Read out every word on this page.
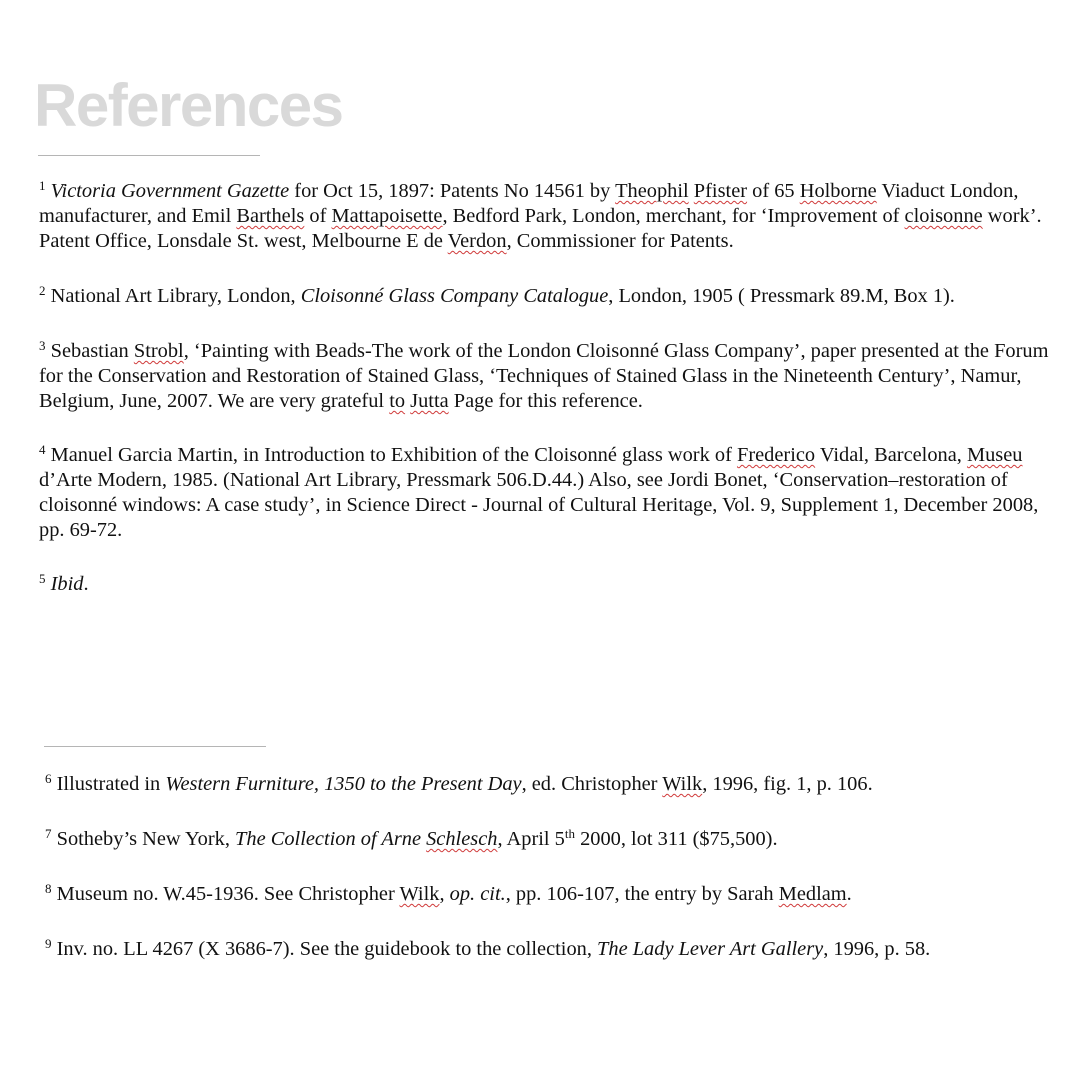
References

$^1$ Victoria Government Gazette for Oct 15, 1897: Patents No 14561 by Theophil Pfister of 65 Holborne Viaduct London, manufacturer, and Emil Barthels of Mattapoisette, Bedford Park, London, merchant, for ‘Improvement of cloisonne work’. Patent Office, Lonsdale St. west, Melbourne E de Verdon, Commissioner for Patents.

$^2$ National Art Library, London, Cloisonné Glass Company Catalogue, London, 1905 ( Pressmark 89.M, Box 1).

$^3$ Sebastian Strobl, ‘Painting with Beads-The work of the London Cloisonné Glass Company’, paper presented at the Forum for the Conservation and Restoration of Stained Glass, ‘Techniques of Stained Glass in the Nineteenth Century’, Namur, Belgium, June, 2007. We are very grateful to Jutta Page for this reference.

$^4$ Manuel Garcia Martin, in Introduction to Exhibition of the Cloisonné glass work of Frederico Vidal, Barcelona, Museu d’Arte Modern, 1985. (National Art Library, Pressmark 506.D.44.) Also, see Jordi Bonet, ‘Conservation–restoration of cloisonné windows: A case study’, in Science Direct - Journal of Cultural Heritage, Vol. 9, Supplement 1, December 2008, pp. 69-72.

$^5$ Ibid.

$^6$ Illustrated in Western Furniture, 1350 to the Present Day, ed. Christopher Wilk, 1996, fig. 1, p. 106.

$^7$ Sotheby’s New York, The Collection of Arne Schlesch, April 5th 2000, lot 311 ($75,500).

$^8$ Museum no. W.45-1936. See Christopher Wilk, op. cit., pp. 106-107, the entry by Sarah Medlam.

$^9$ Inv. no. LL 4267 (X 3686-7). See the guidebook to the collection, The Lady Lever Art Gallery, 1996, p. 58.
